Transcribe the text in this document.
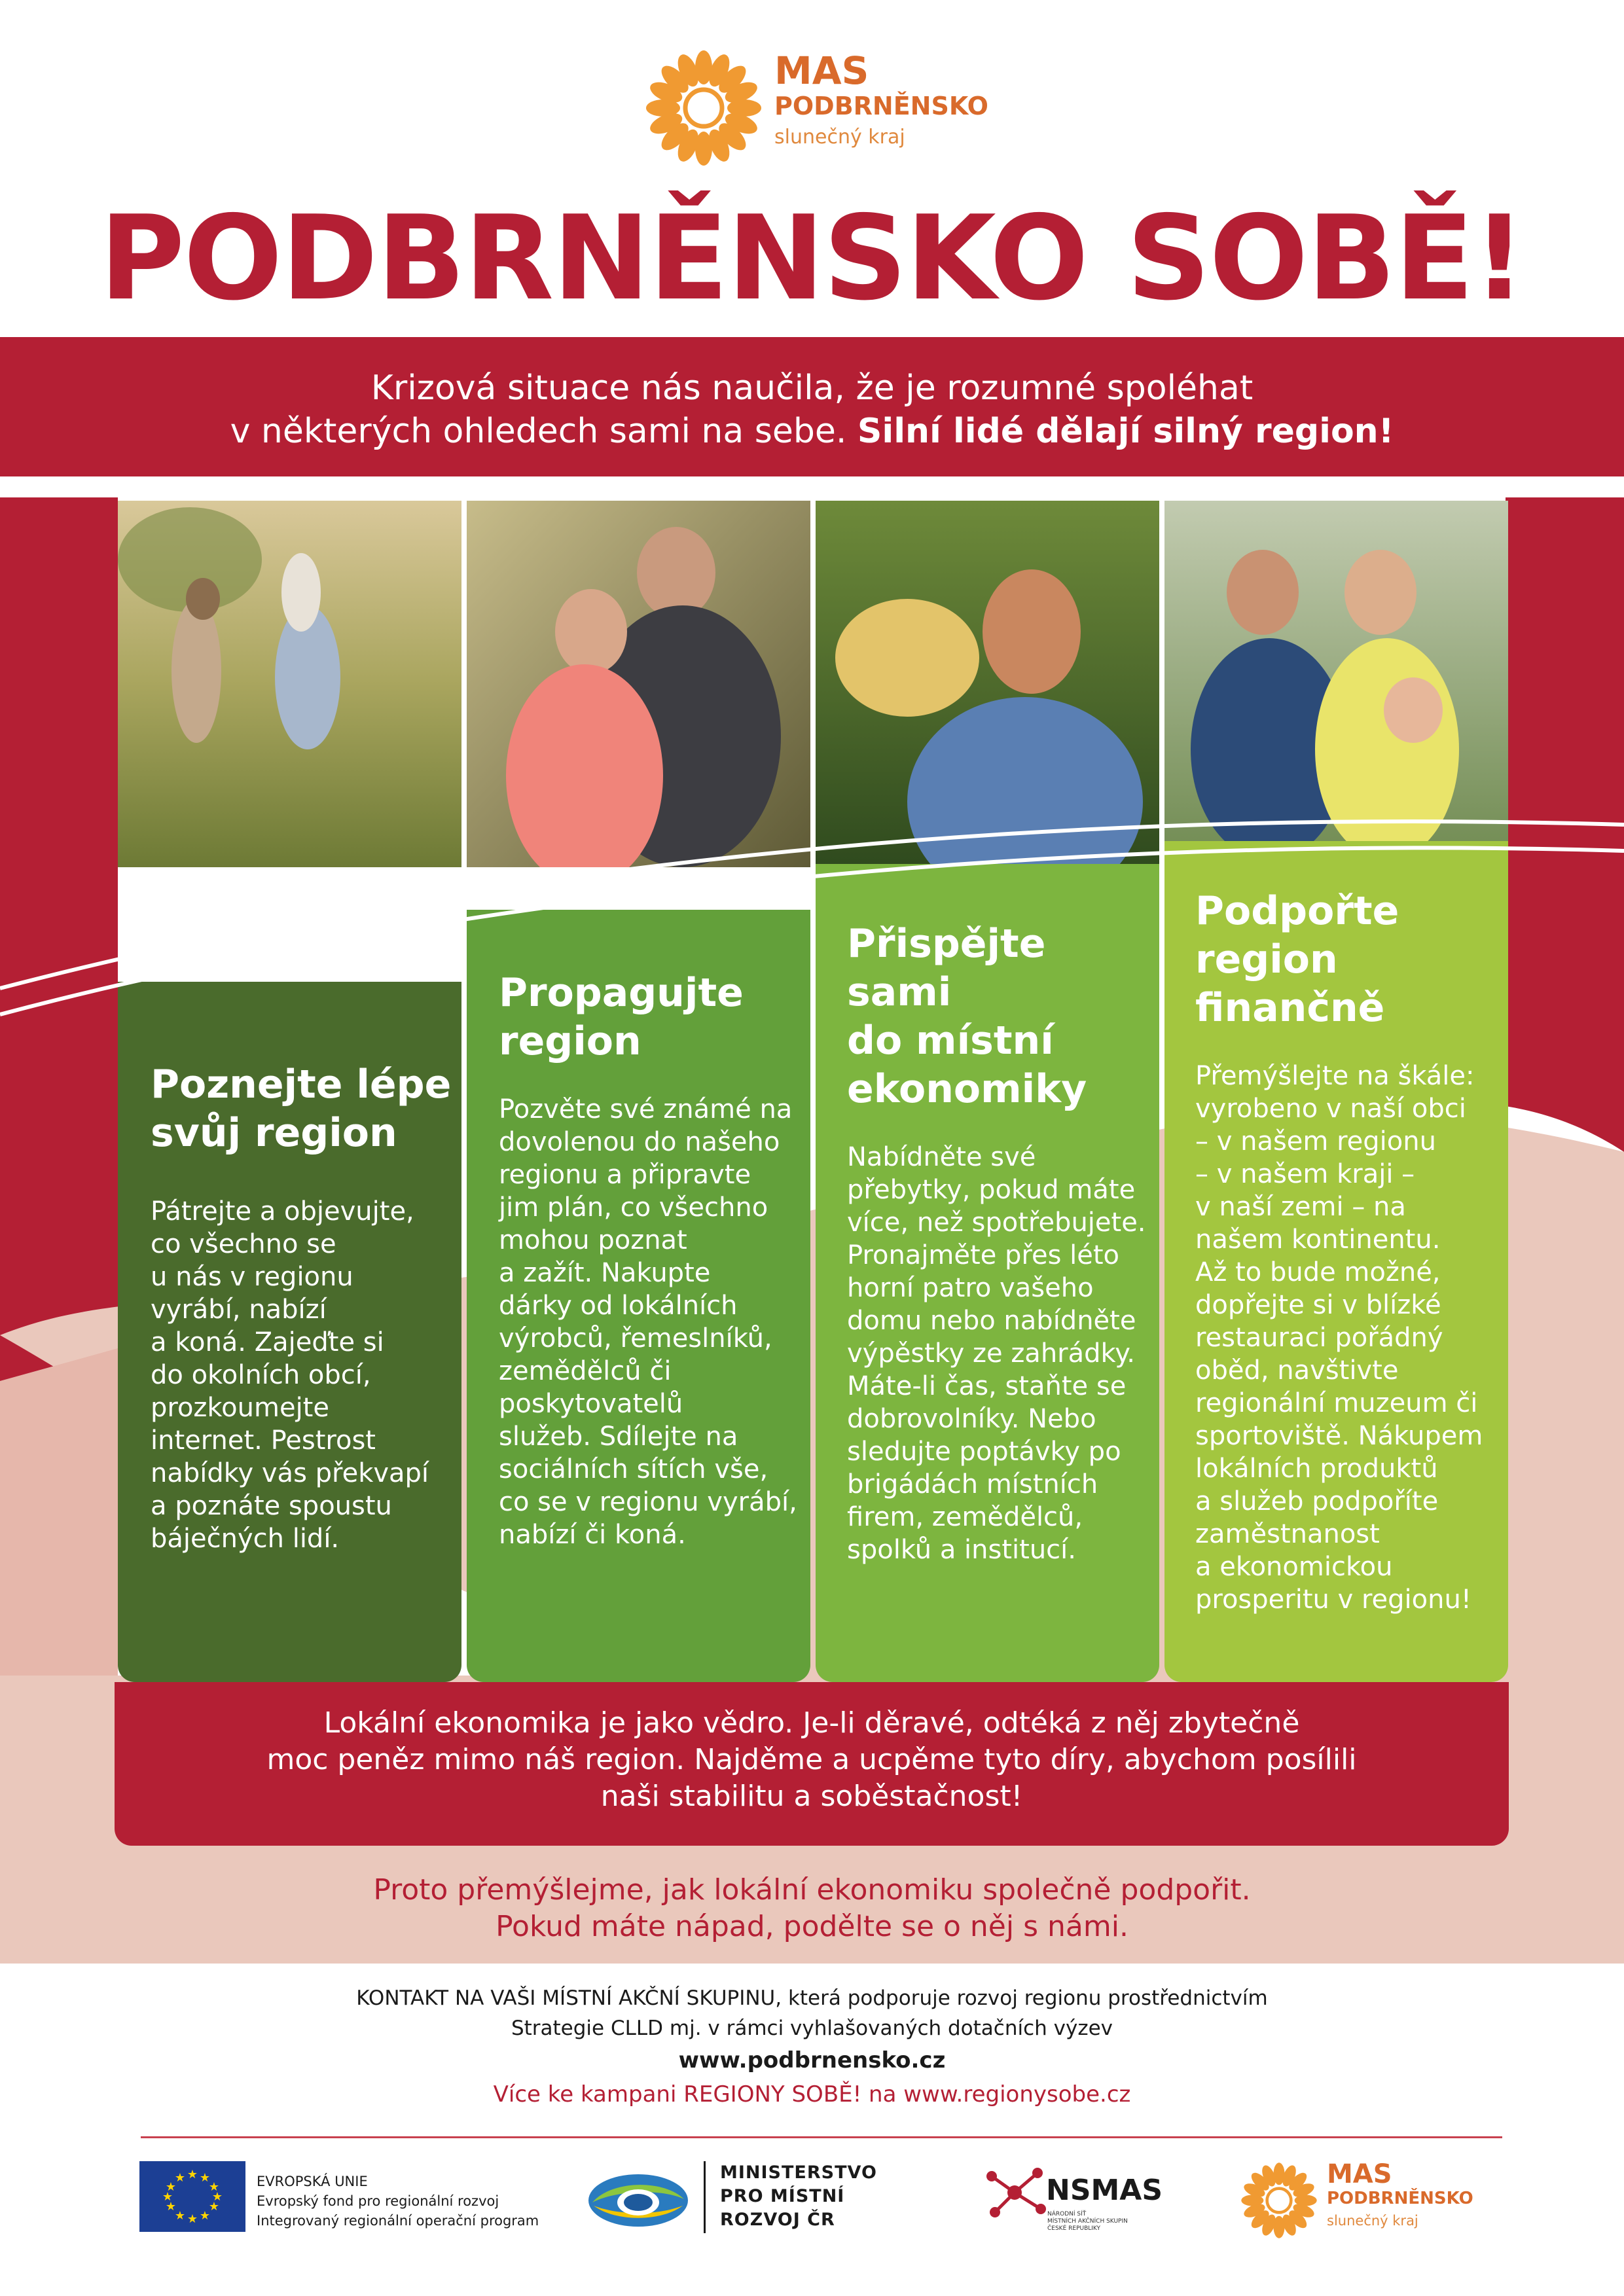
MAS
PODBRNĚNSKO
slunečný kraj
PODBRNĚNSKO SOBĚ!
Krizová situace nás naučila, že je rozumné spoléhat
v některých ohledech sami na sebe. Silní lidé dělají silný region!
Poznejte lépe
svůj region
Pátrejte a objevujte,
co všechno se
u nás v regionu
vyrábí, nabízí
a koná. Zajeďte si
do okolních obcí,
prozkoumejte
internet. Pestrost
nabídky vás překvapí
a poznáte spoustu
báječných lidí.
Propagujte
region
Pozvěte své známé na
dovolenou do našeho
regionu a připravte
jim plán, co všechno
mohou poznat
a zažít. Nakupte
dárky od lokálních
výrobců, řemeslníků,
zemědělců či
poskytovatelů
služeb. Sdílejte na
sociálních sítích vše,
co se v regionu vyrábí,
nabízí či koná.
Přispějte sami
do místní
ekonomiky
Nabídněte své
přebytky, pokud máte
více, než spotřebujete.
Pronajměte přes léto
horní patro vašeho
domu nebo nabídněte
výpěstky ze zahrádky.
Máte-li čas, staňte se
dobrovolníky. Nebo
sledujte poptávky po
brigádách místních
firem, zemědělců,
spolků a institucí.
Podpořte
region
finančně
Přemýšlejte na škále:
vyrobeno v naší obci
– v našem regionu
– v našem kraji –
v naší zemi – na
našem kontinentu.
Až to bude možné,
dopřejte si v blízké
restauraci pořádný
oběd, navštivte
regionální muzeum či
sportoviště. Nákupem
lokálních produktů
a služeb podpoříte
zaměstnanost
a ekonomickou
prosperitu v regionu!
Lokální ekonomika je jako vědro. Je-li děravé, odtéká z něj zbytečně
moc peněz mimo náš region. Najděme a ucpěme tyto díry, abychom posílili
naši stabilitu a soběstačnost!
Proto přemýšlejme, jak lokální ekonomiku společně podpořit.
Pokud máte nápad, podělte se o něj s námi.
KONTAKT NA VAŠI MÍSTNÍ AKČNÍ SKUPINU, která podporuje rozvoj regionu prostřednictvím
Strategie CLLD mj. v rámci vyhlašovaných dotačních výzev
www.podbrnensko.cz
Více ke kampani REGIONY SOBĚ! na www.regionysobe.cz
★ ★
★
★
★
★
★
★
★
★
★
★	EVROPSKÁ UNIE
Evropský fond pro regionální rozvoj
Integrovaný regionální operační program
MINISTERSTVO
PRO MÍSTNÍ
ROZVOJ ČR
NSMAS
NÁRODNÍ SÍŤ
MÍSTNÍCH AKČNÍCH SKUPIN
ČESKÉ REPUBLIKY
MAS
PODBRNĚNSKO
slunečný kraj
